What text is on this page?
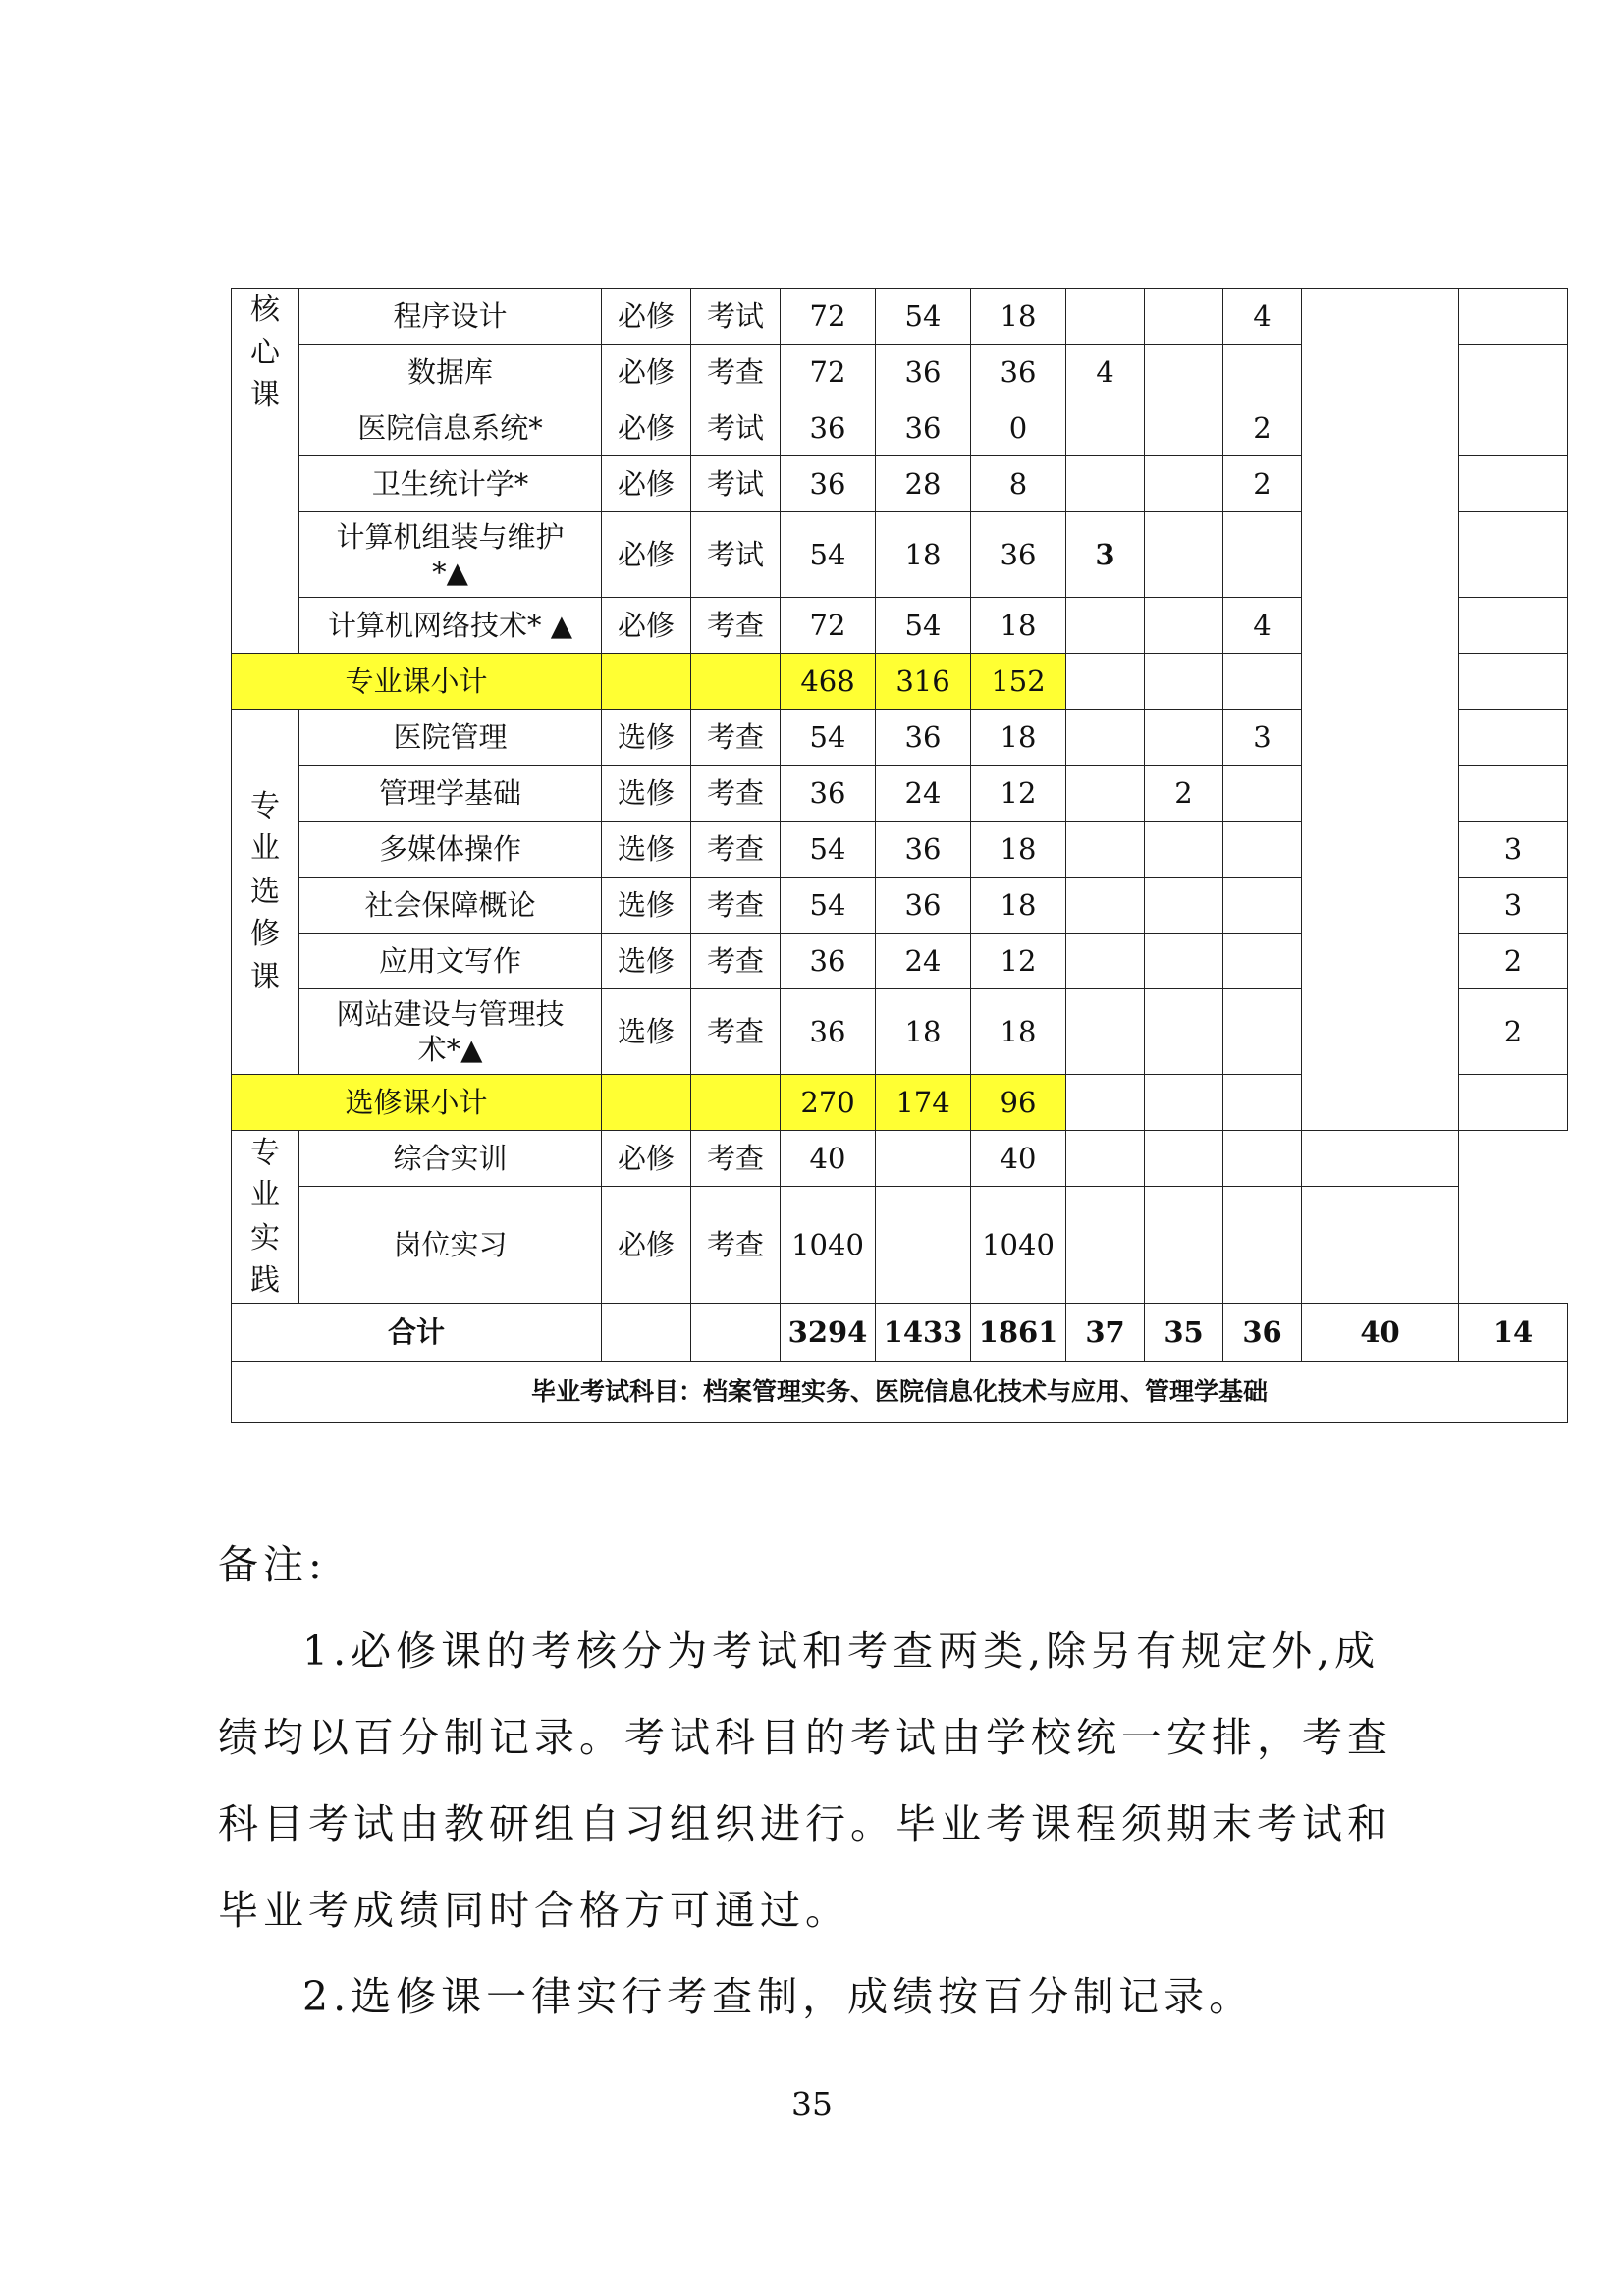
核心课	程序设计	必修	考试	72	54	18			4		
	数据库	必修	考查	72	36	36	4				
	医院信息系统*	必修	考试	36	36	0			2		
	卫生统计学*	必修	考试	36	28	8			2		

	计算机组装与维护*▲	必修	考试	54	18	36	3				
	计算机网络技术* ▲	必修	考查	72	54	18			4		
专业课小计				468	316	152					

专业选修课	医院管理	选修	考查	54	36	18			3		
	管理学基础	选修	考查	36	24	12		2			
	多媒体操作	选修	考查	54	36	18					3
	社会保障概论	选修	考查	54	36	18					3
	应用文写作	选修	考查	36	24	12					2

	网站建设与管理技术*▲	选修	考查	36	18	18					2
选修课小计				270	174	96					

专业实践	综合实训	必修	考查	40		40					
	岗位实习	必修	考查	1040		1040					
合计				3294	1433	1861	37	35	36	40	14
毕业考试科目：档案管理实务、医院信息化技术与应用、管理学基础											

备注:

1.必修课的考核分为考试和考查两类,除另有规定外,成绩均以百分制记录。考试科目的考试由学校统一安排，考查科目考试由教研组自习组织进行。毕业考课程须期末考试和毕业考成绩同时合格方可通过。

2.选修课一律实行考查制，成绩按百分制记录。

35
